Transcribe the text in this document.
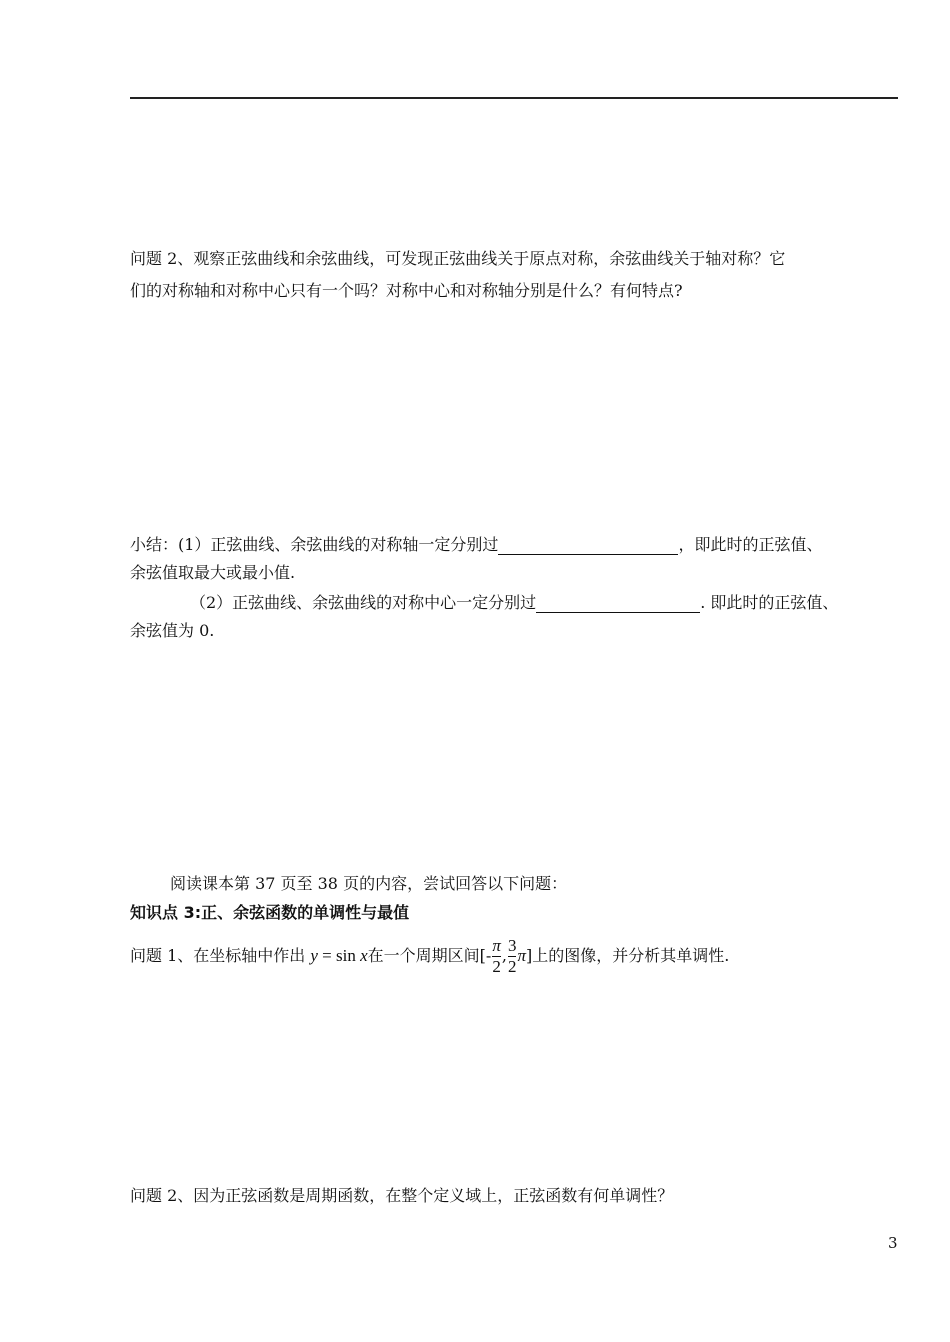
问题 2、观察正弦曲线和余弦曲线，可发现正弦曲线关于原点对称，余弦曲线关于轴对称？它
们的对称轴和对称中心只有一个吗？对称中心和对称轴分别是什么？有何特点?
小结：(1）正弦曲线、余弦曲线的对称轴一定分别过	，即此时的正弦值、
余弦值取最大或最小值.
（2）正弦曲线、余弦曲线的对称中心一定分别过	. 即此时的正弦值、
余弦值为 0.
阅读课本第 37 页至 38 页的内容，尝试回答以下问题：
知识点 3:正、余弦函数的单调性与最值
问题 1、在坐标轴中作出 y = sin x在一个周期区间[- $\frac{\pi}{2}$ , $\frac{3}{2} \pi$]上的图像，并分析其单调性.
问题 2、因为正弦函数是周期函数，在整个定义域上，正弦函数有何单调性？
3
